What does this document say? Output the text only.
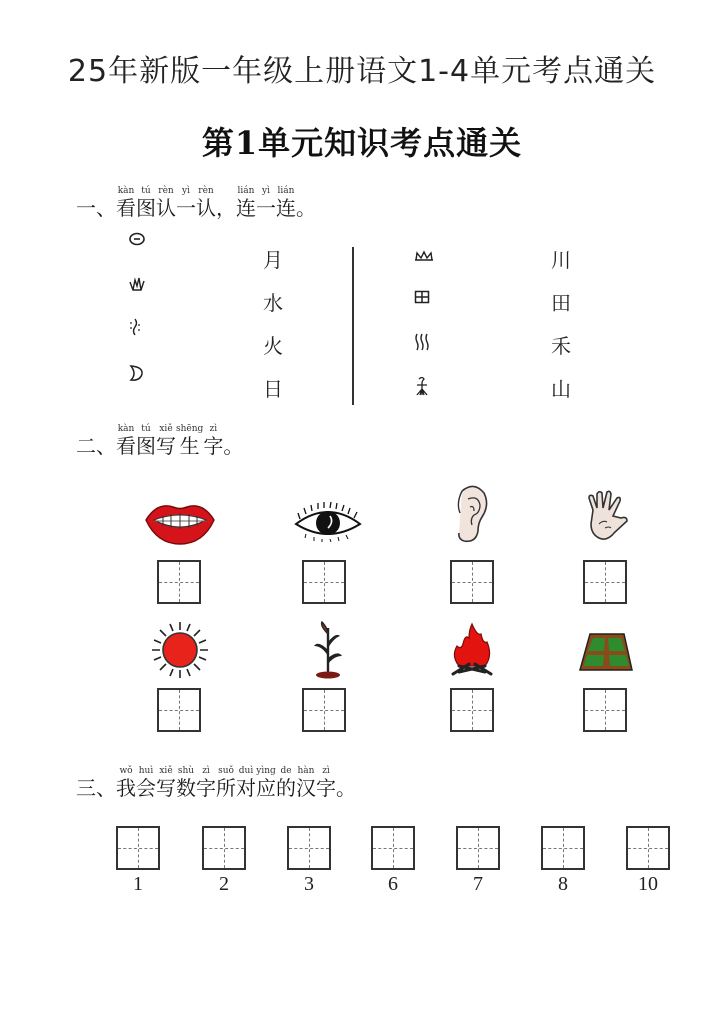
25年新版一年级上册语文1-4单元考点通关
第1单元知识考点通关
一、
kàn
看
tú
图
rèn
认
yì
一
rèn
认 ，
lián
连
yì
一
lián
连 。
月
水
火
日
川
田
禾
山
二、
kàn
看
tú
图
xiě
写
shēng
生
zì
字 。
三、
wǒ
我
huì
会
xiě
写
shù
数
zì
字
suǒ
所
duì
对
yìng
应
de
的
hàn
汉
zì
字 。
1	2	3	6	7	8	10
